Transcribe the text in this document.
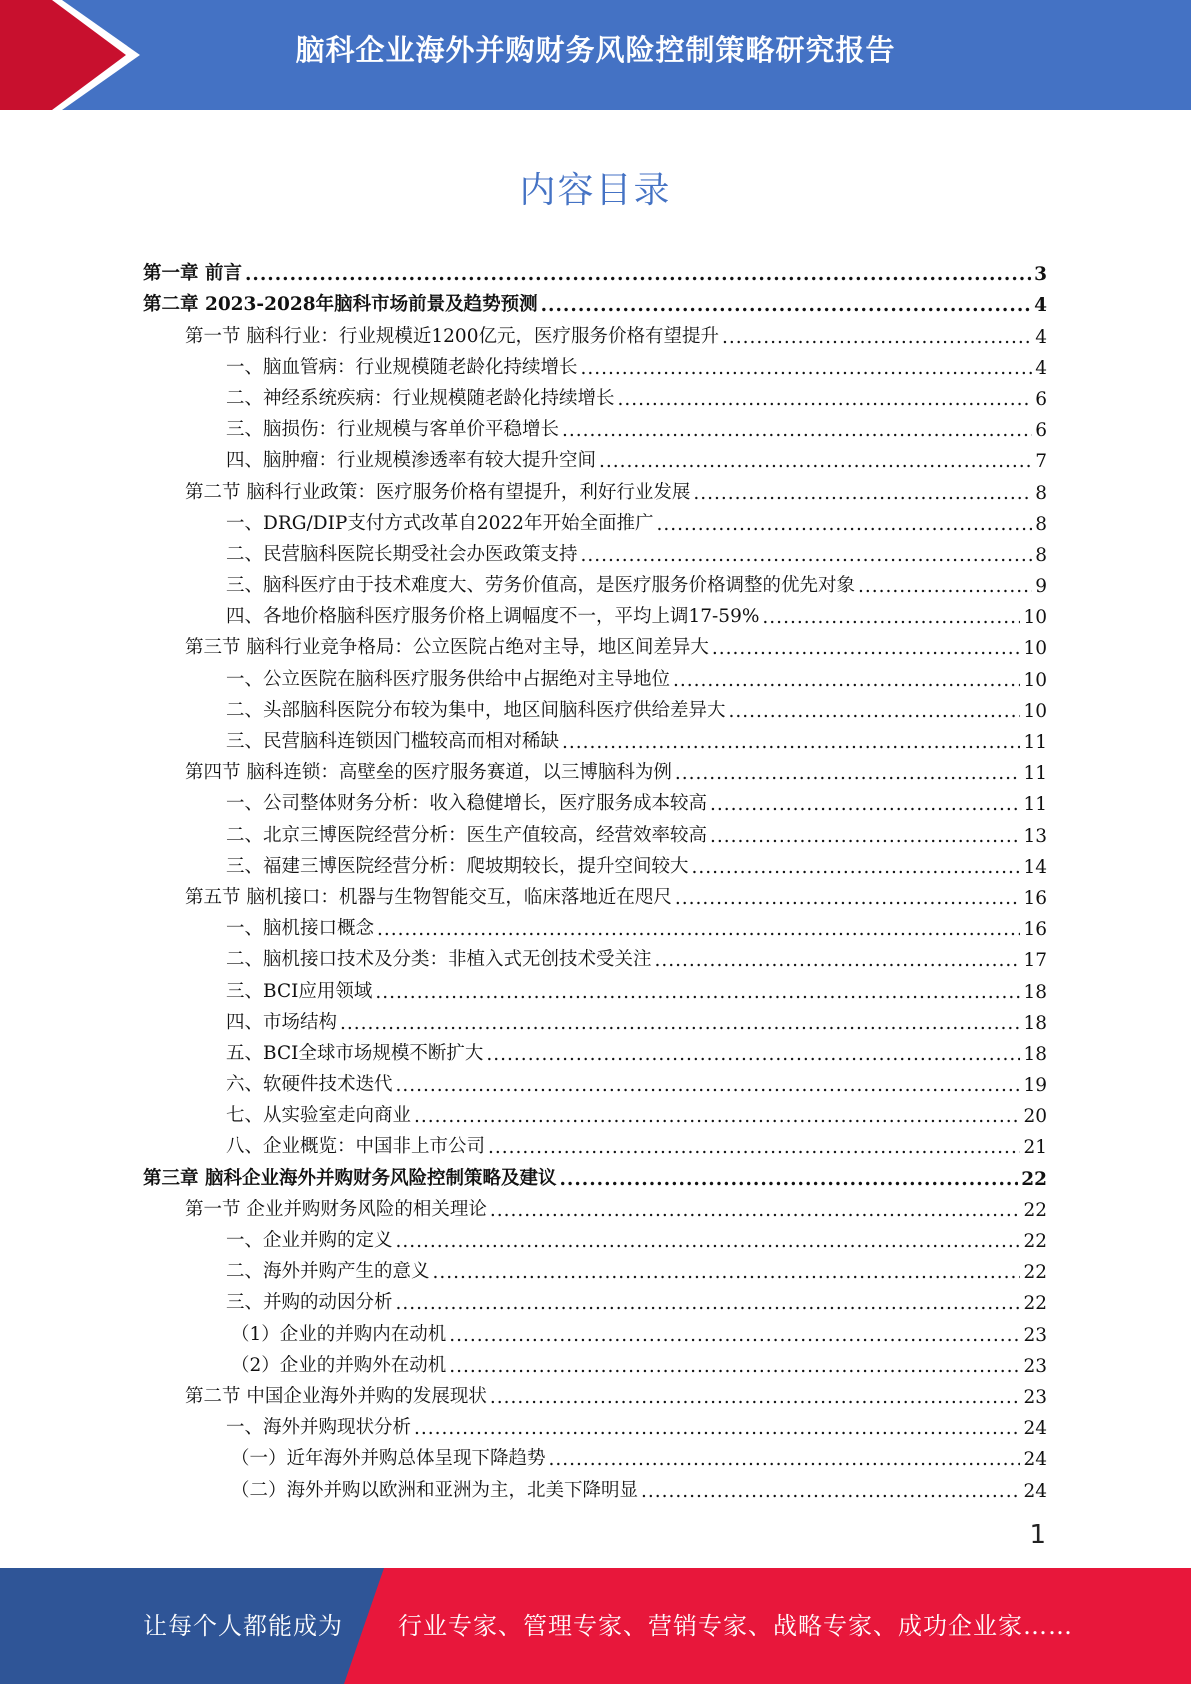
脑科企业海外并购财务风险控制策略研究报告
内容目录
第一章 前言 .....	3
第二章 2023-2028年脑科市场前景及趋势预测 .....	4
第一节 脑科行业：行业规模近1200亿元，医疗服务价格有望提升 .....	4
一、脑血管病：行业规模随老龄化持续增长 .....	4
二、神经系统疾病：行业规模随老龄化持续增长 .....	6
三、脑损伤：行业规模与客单价平稳增长 .....	6
四、脑肿瘤：行业规模渗透率有较大提升空间 .....	7
第二节 脑科行业政策：医疗服务价格有望提升，利好行业发展 .....	8
一、DRG/DIP支付方式改革自2022年开始全面推广 .....	8
二、民营脑科医院长期受社会办医政策支持 .....	8
三、脑科医疗由于技术难度大、劳务价值高，是医疗服务价格调整的优先对象 .....	9
四、各地价格脑科医疗服务价格上调幅度不一，平均上调17-59% .....	10
第三节 脑科行业竞争格局：公立医院占绝对主导，地区间差异大 .....	10
一、公立医院在脑科医疗服务供给中占据绝对主导地位 .....	10
二、头部脑科医院分布较为集中，地区间脑科医疗供给差异大 .....	10
三、民营脑科连锁因门槛较高而相对稀缺 .....	11
第四节 脑科连锁：高壁垒的医疗服务赛道，以三博脑科为例 .....	11
一、公司整体财务分析：收入稳健增长，医疗服务成本较高 .....	11
二、北京三博医院经营分析：医生产值较高，经营效率较高 .....	13
三、福建三博医院经营分析：爬坡期较长，提升空间较大 .....	14
第五节 脑机接口：机器与生物智能交互，临床落地近在咫尺 .....	16
一、脑机接口概念 .....	16
二、脑机接口技术及分类：非植入式无创技术受关注 .....	17
三、BCI应用领域 .....	18
四、市场结构 .....	18
五、BCI全球市场规模不断扩大 .....	18
六、软硬件技术迭代 .....	19
七、从实验室走向商业 .....	20
八、企业概览：中国非上市公司 .....	21
第三章 脑科企业海外并购财务风险控制策略及建议 .....	22
第一节 企业并购财务风险的相关理论 .....	22
一、企业并购的定义 .....	22
二、海外并购产生的意义 .....	22
三、并购的动因分析 .....	22
（1）企业的并购内在动机 .....	23
（2）企业的并购外在动机 .....	23
第二节 中国企业海外并购的发展现状 .....	23
一、海外并购现状分析 .....	24
（一）近年海外并购总体呈现下降趋势 .....	24
（二）海外并购以欧洲和亚洲为主，北美下降明显 .....	24
1
让每个人都能成为 行业专家、管理专家、营销专家、战略专家、成功企业家……
